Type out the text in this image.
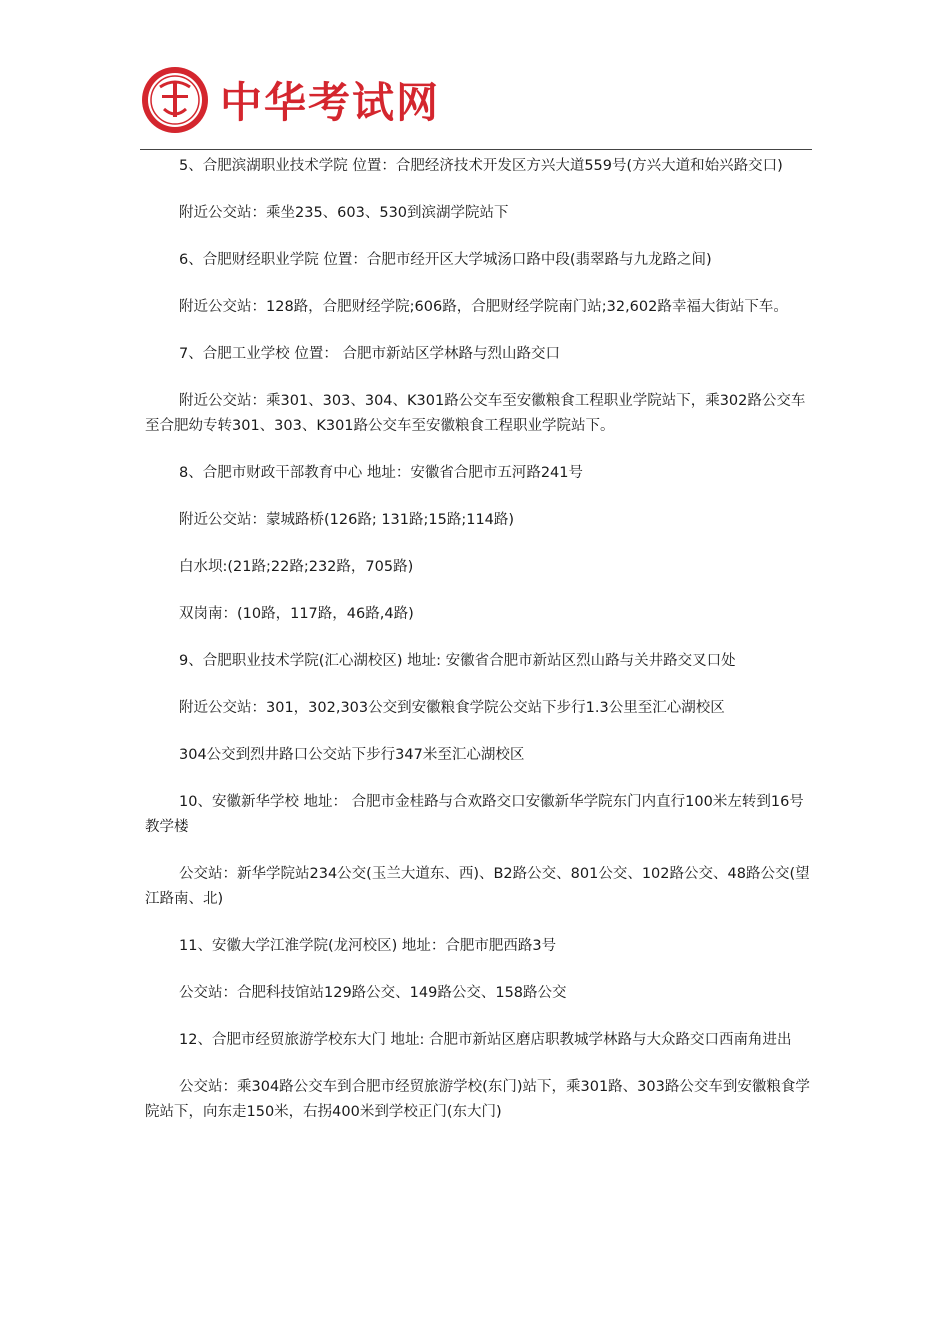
中华考试网

5、合肥滨湖职业技术学院 位置：合肥经济技术开发区方兴大道559号(方兴大道和始兴路交口)

附近公交站：乘坐235、603、530到滨湖学院站下

6、合肥财经职业学院 位置：合肥市经开区大学城汤口路中段(翡翠路与九龙路之间)

附近公交站：128路，合肥财经学院;606路，合肥财经学院南门站;32,602路幸福大街站下车。

7、合肥工业学校 位置： 合肥市新站区学林路与烈山路交口

附近公交站：乘301、303、304、K301路公交车至安徽粮食工程职业学院站下，乘302路公交车至合肥幼专转301、303、K301路公交车至安徽粮食工程职业学院站下。

8、合肥市财政干部教育中心 地址：安徽省合肥市五河路241号

附近公交站：蒙城路桥(126路; 131路;15路;114路)

白水坝:(21路;22路;232路，705路)

双岗南：(10路，117路，46路,4路)

9、合肥职业技术学院(汇心湖校区) 地址: 安徽省合肥市新站区烈山路与关井路交叉口处

附近公交站：301，302,303公交到安徽粮食学院公交站下步行1.3公里至汇心湖校区

304公交到烈井路口公交站下步行347米至汇心湖校区

10、安徽新华学校 地址： 合肥市金桂路与合欢路交口安徽新华学院东门内直行100米左转到16号教学楼

公交站：新华学院站234公交(玉兰大道东、西)、B2路公交、801公交、102路公交、48路公交(望江路南、北)

11、安徽大学江淮学院(龙河校区) 地址：合肥市肥西路3号

公交站：合肥科技馆站129路公交、149路公交、158路公交

12、合肥市经贸旅游学校东大门 地址: 合肥市新站区磨店职教城学林路与大众路交口西南角进出

公交站：乘304路公交车到合肥市经贸旅游学校(东门)站下，乘301路、303路公交车到安徽粮食学院站下，向东走150米，右拐400米到学校正门(东大门)
